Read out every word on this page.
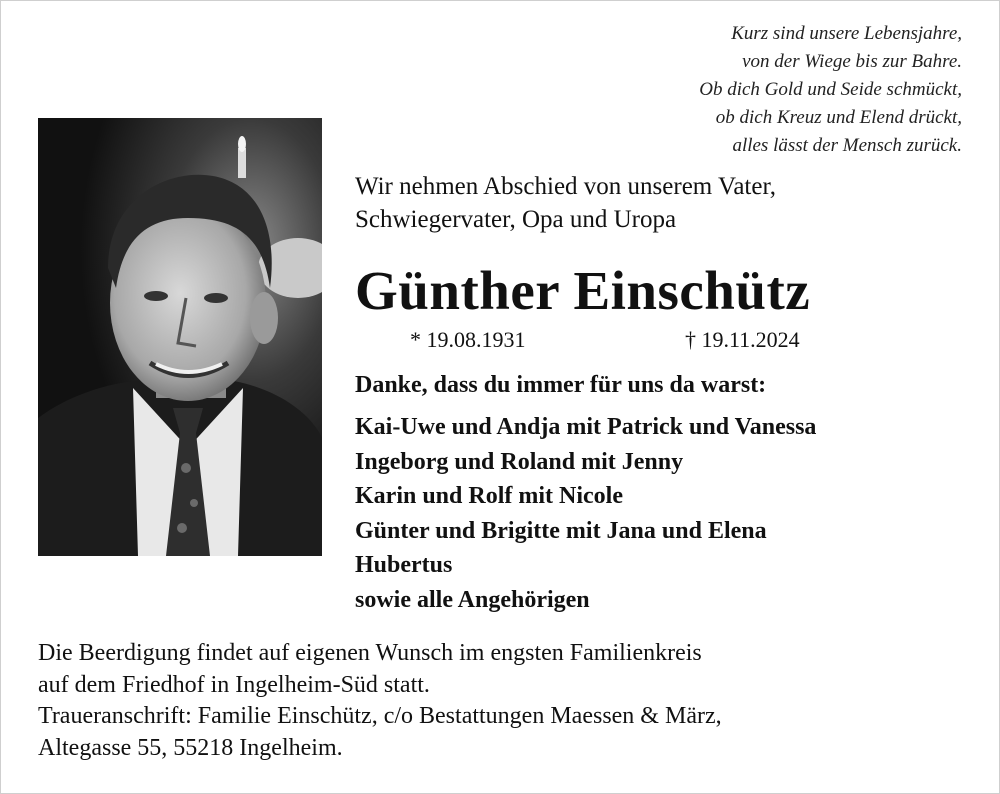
Kurz sind unsere Lebensjahre,
von der Wiege bis zur Bahre.
Ob dich Gold und Seide schmückt,
ob dich Kreuz und Elend drückt,
alles lässt der Mensch zurück.
Wir nehmen Abschied von unserem Vater,
Schwiegervater, Opa und Uropa
Günther Einschütz
* 19.08.1931	† 19.11.2024
Danke, dass du immer für uns da warst:
Kai-Uwe und Andja mit Patrick und Vanessa
Ingeborg und Roland mit Jenny
Karin und Rolf mit Nicole
Günter und Brigitte mit Jana und Elena
Hubertus
sowie alle Angehörigen
Die Beerdigung findet auf eigenen Wunsch im engsten Familienkreis
auf dem Friedhof in Ingelheim-Süd statt.
Traueranschrift: Familie Einschütz, c/o Bestattungen Maessen & März,
Altegasse 55, 55218 Ingelheim.
